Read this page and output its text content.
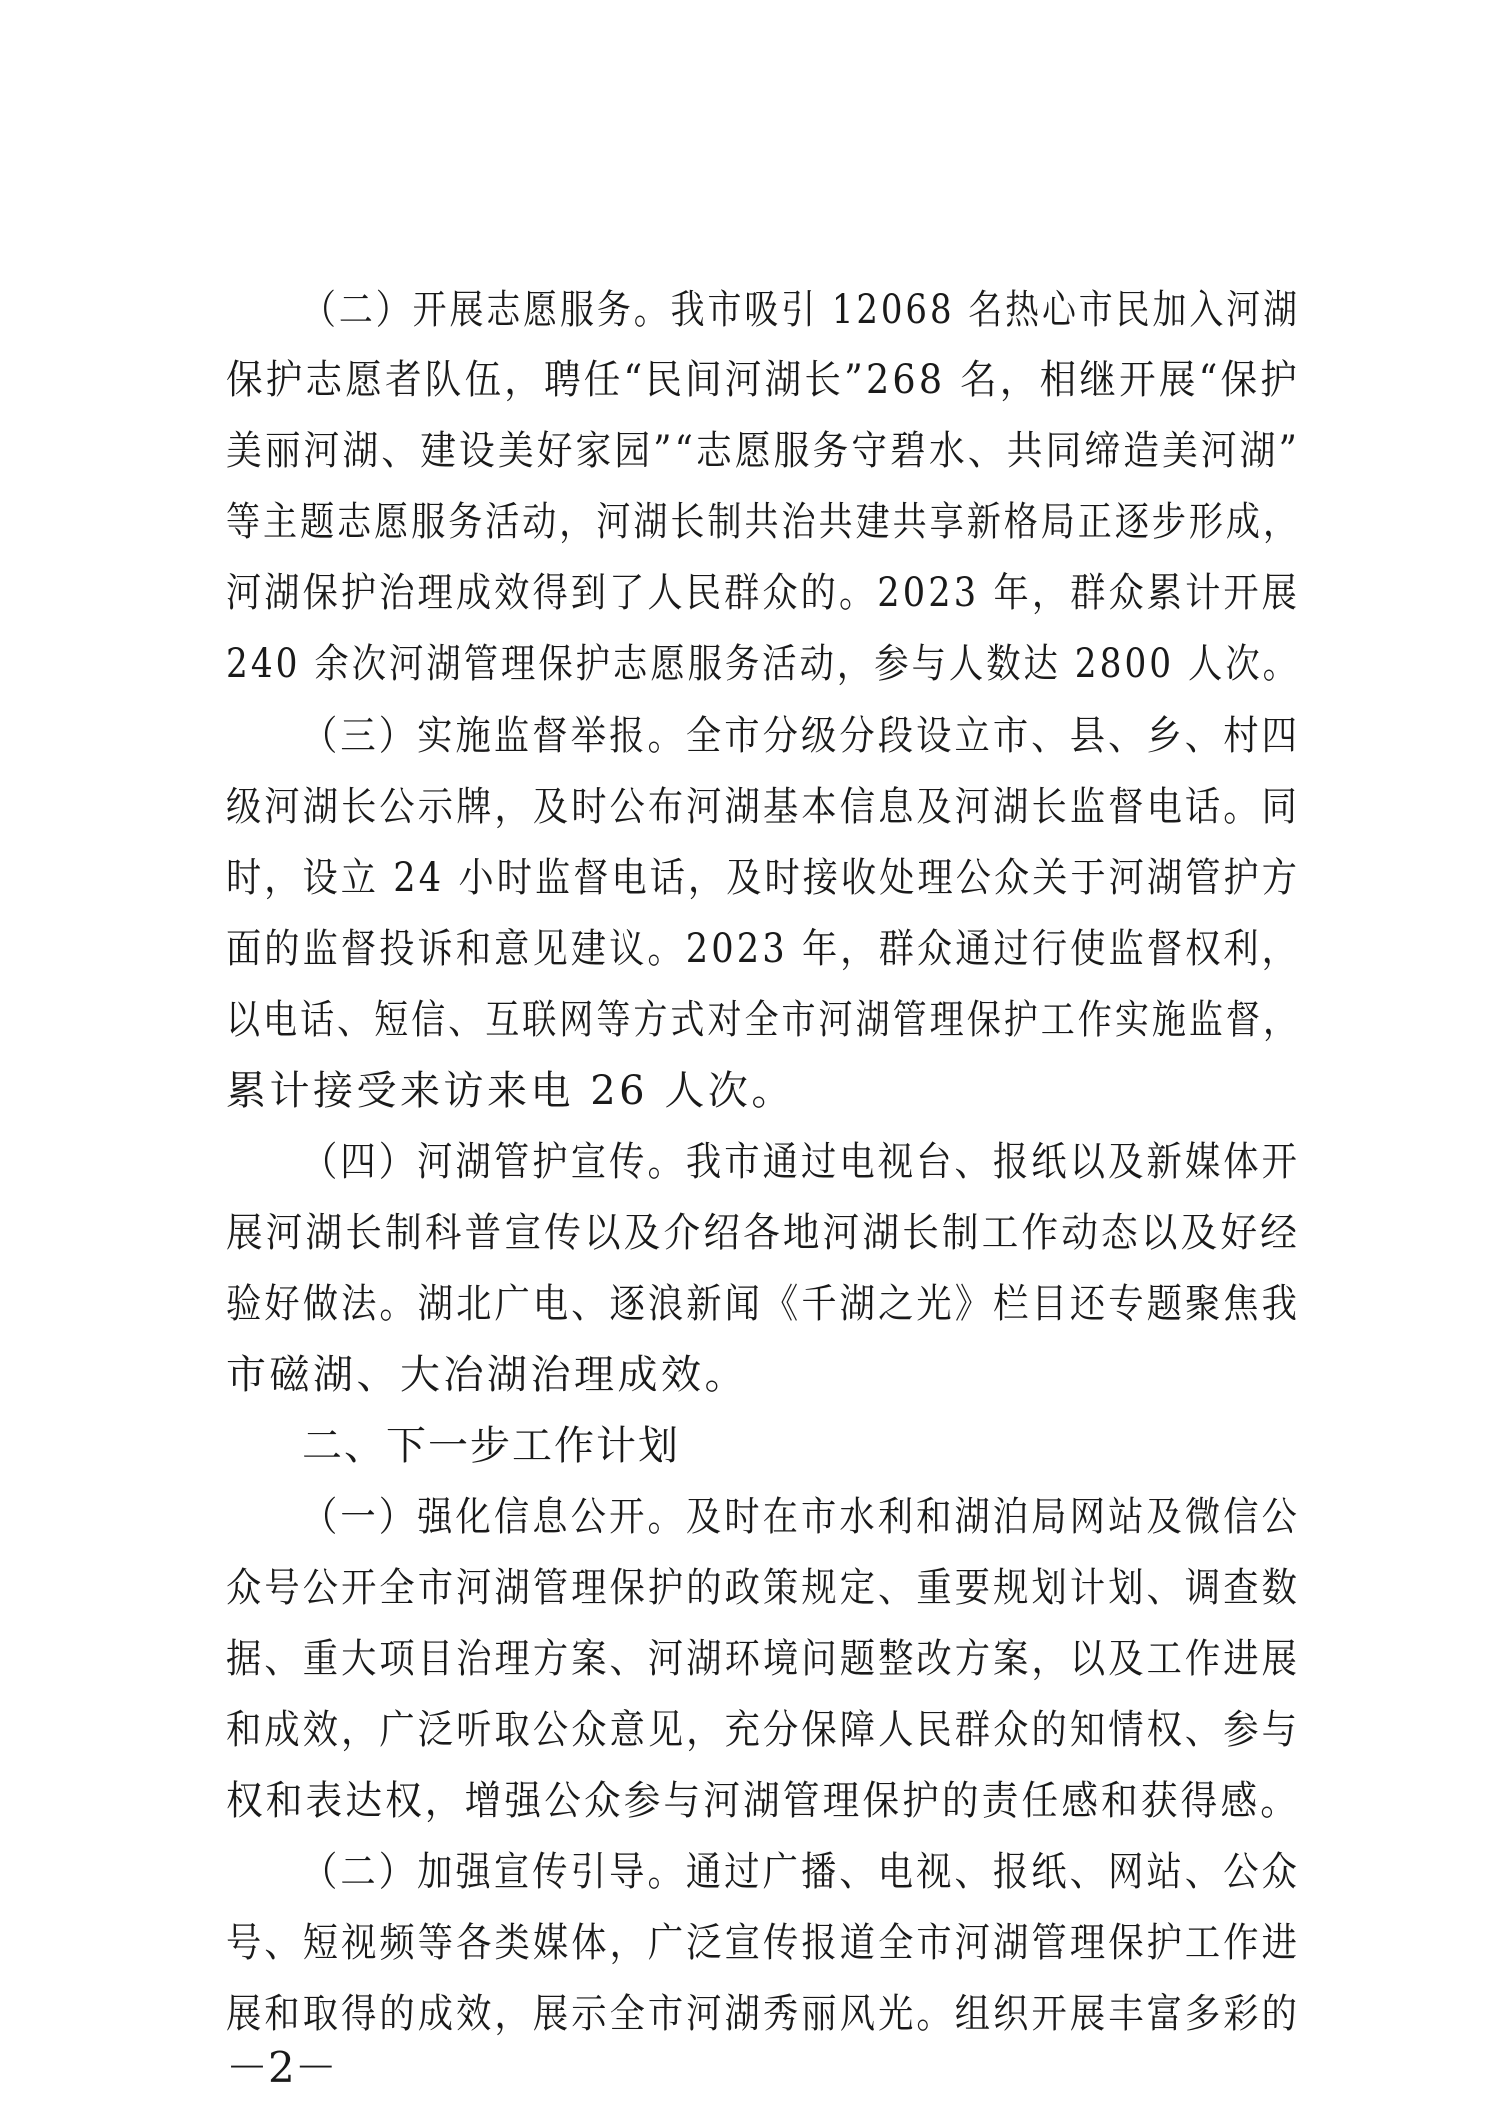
（二）开展志愿服务。我市吸引 12068 名热心市民加入河湖
保护志愿者队伍，聘任“民间河湖长”268 名，相继开展“保护
美丽河湖、建设美好家园”“志愿服务守碧水、共同缔造美河湖”
等主题志愿服务活动，河湖长制共治共建共享新格局正逐步形成，
河湖保护治理成效得到了人民群众的。2023 年，群众累计开展
240 余次河湖管理保护志愿服务活动，参与人数达 2800 人次。
（三）实施监督举报。全市分级分段设立市、县、乡、村四
级河湖长公示牌，及时公布河湖基本信息及河湖长监督电话。同
时，设立 24 小时监督电话，及时接收处理公众关于河湖管护方
面的监督投诉和意见建议。2023 年，群众通过行使监督权利，
以电话、短信、互联网等方式对全市河湖管理保护工作实施监督，
累计接受来访来电 26 人次。
（四）河湖管护宣传。我市通过电视台、报纸以及新媒体开
展河湖长制科普宣传以及介绍各地河湖长制工作动态以及好经
验好做法。湖北广电、逐浪新闻《千湖之光》栏目还专题聚焦我
市磁湖、大冶湖治理成效。
二、下一步工作计划
（一）强化信息公开。及时在市水利和湖泊局网站及微信公
众号公开全市河湖管理保护的政策规定、重要规划计划、调查数
据、重大项目治理方案、河湖环境问题整改方案，以及工作进展
和成效，广泛听取公众意见，充分保障人民群众的知情权、参与
权和表达权，增强公众参与河湖管理保护的责任感和获得感。
（二）加强宣传引导。通过广播、电视、报纸、网站、公众
号、短视频等各类媒体，广泛宣传报道全市河湖管理保护工作进
展和取得的成效，展示全市河湖秀丽风光。组织开展丰富多彩的
－2－
